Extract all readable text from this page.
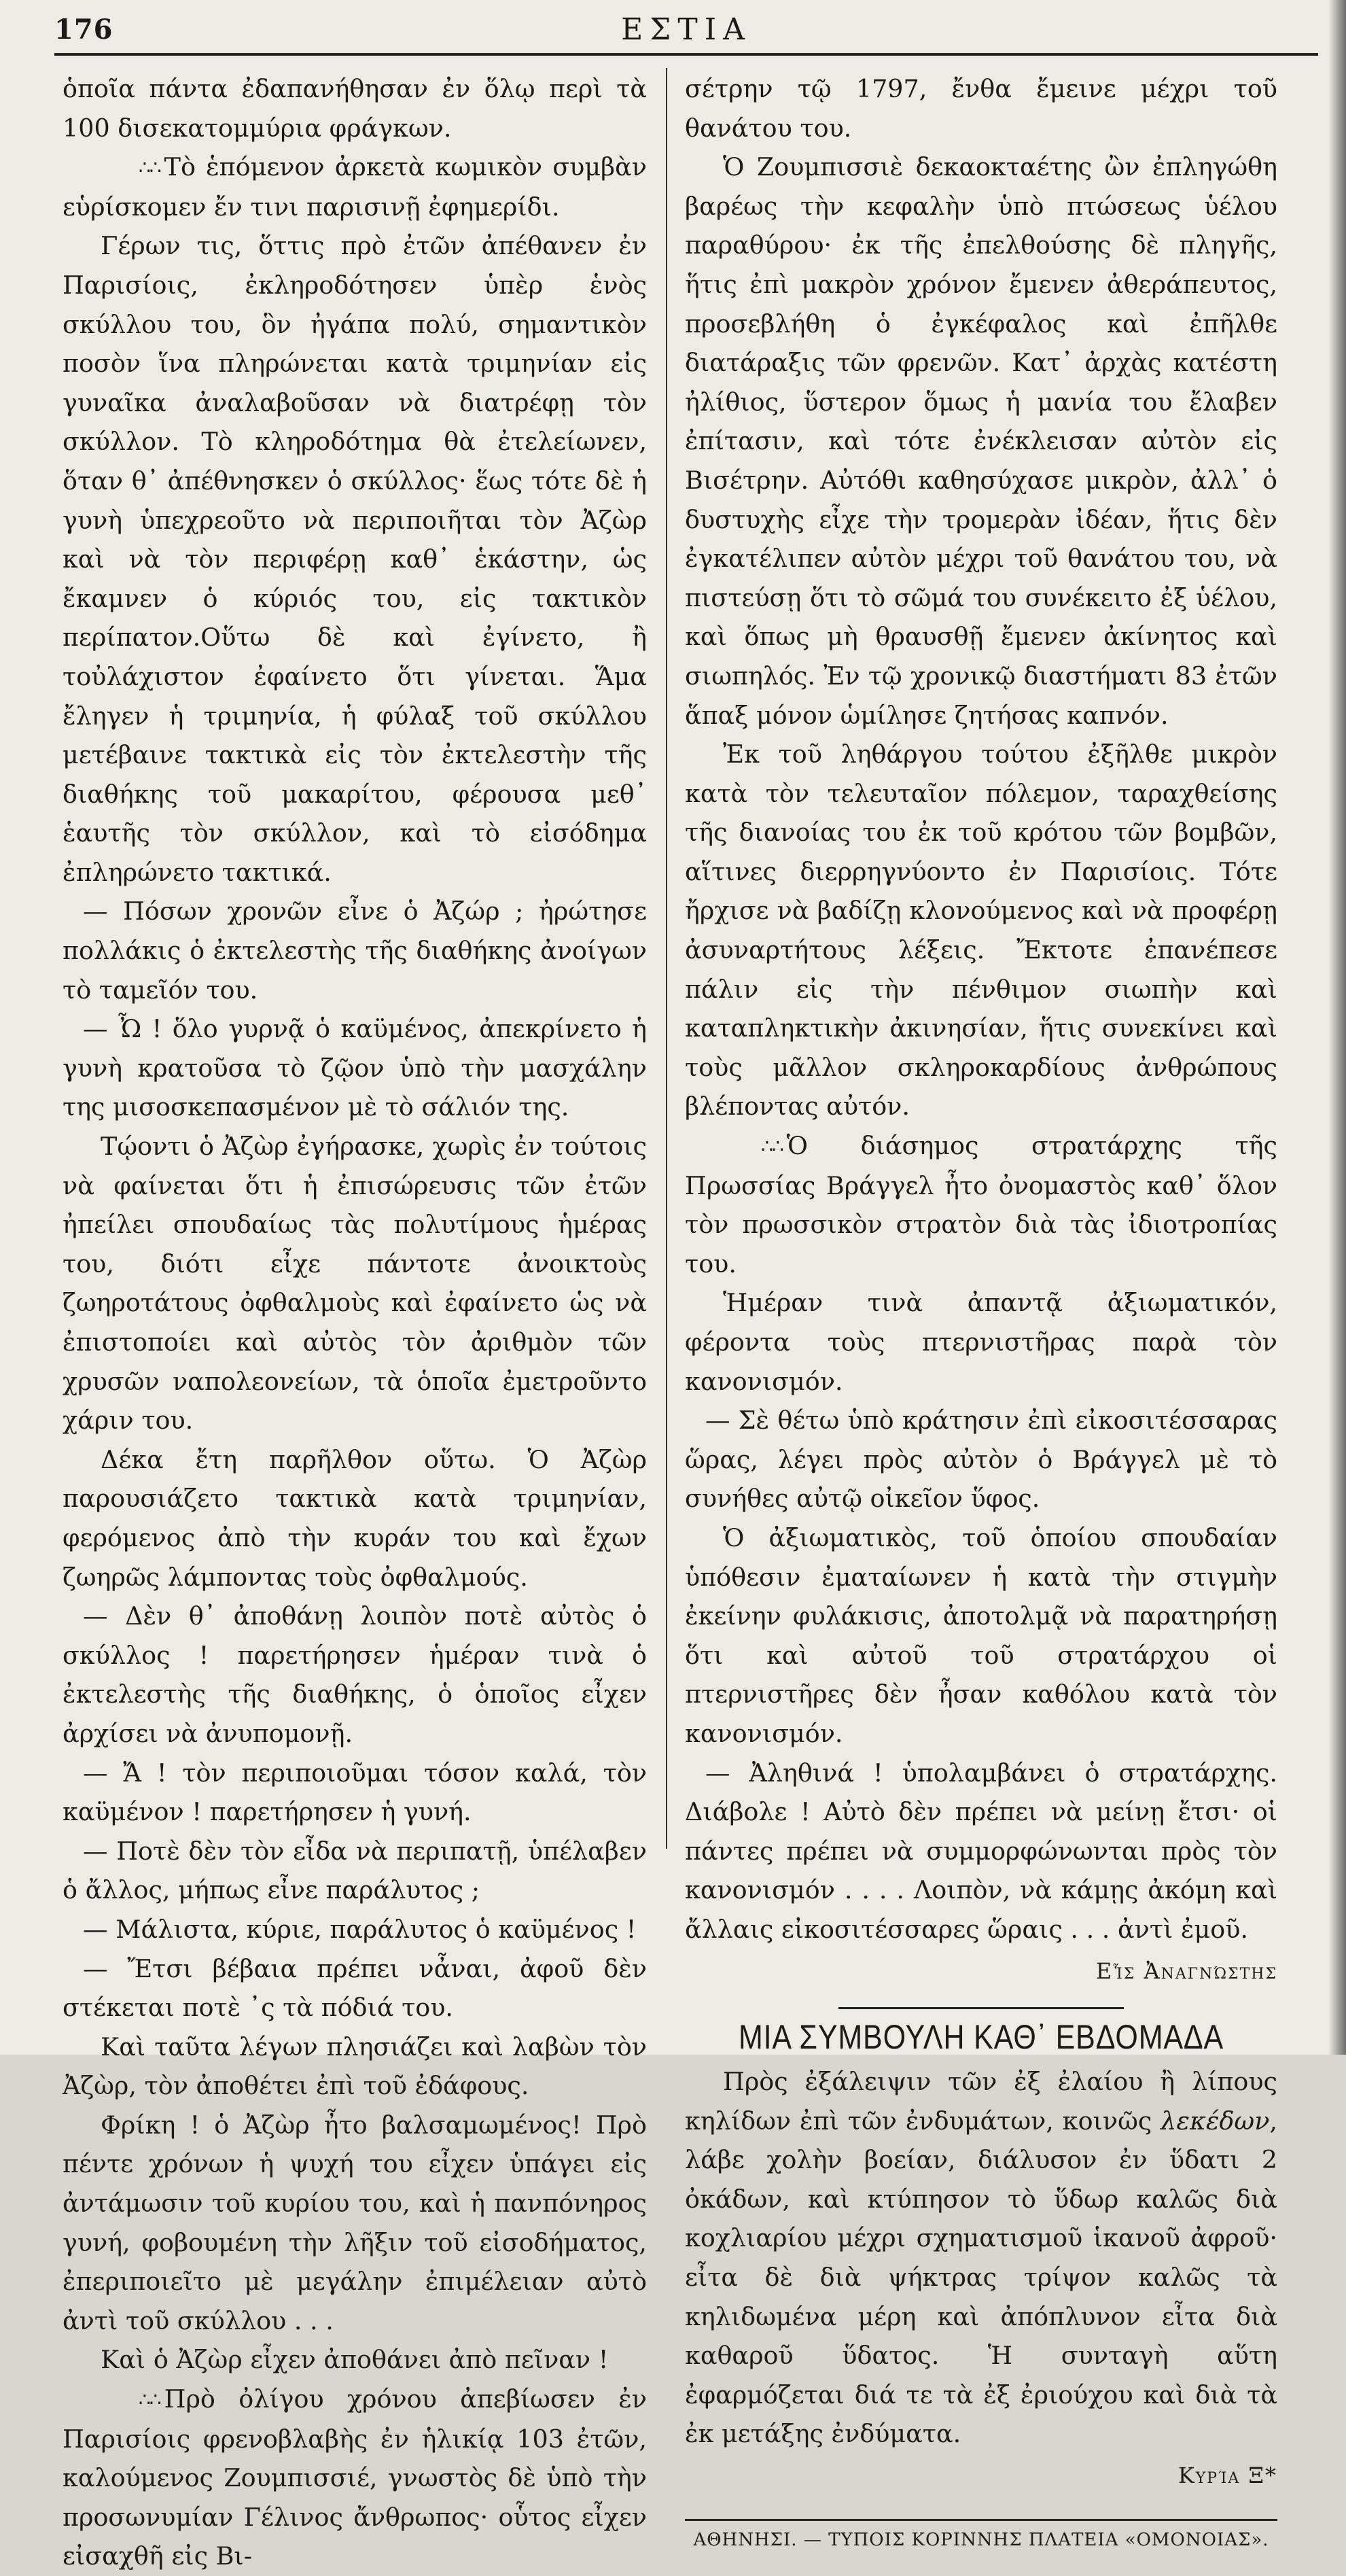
176	ΕΣΤΙΑ

ὁποῖα πάντα ἐδαπανήθησαν ἐν ὅλῳ περὶ τὰ 100 δισεκατομμύρια φράγκων.

∴∴ Τὸ ἑπόμενον ἀρκετὰ κωμικὸν συμβὰν εὑρίσκομεν ἔν τινι παρισινῇ ἐφημερίδι.

Γέρων τις, ὅττις πρὸ ἐτῶν ἀπέθανεν ἐν Παρισίοις, ἐκληροδότησεν ὑπὲρ ἑνὸς σκύλλου του, ὃν ἠγάπα πολύ, σημαντικὸν ποσὸν ἵνα πληρώνεται κατὰ τριμηνίαν εἰς γυναῖκα ἀναλαβοῦσαν νὰ διατρέφῃ τὸν σκύλλον. Τὸ κληροδότημα θὰ ἐτελείωνεν, ὅταν θ᾿ ἀπέθνησκεν ὁ σκύλλος· ἕως τότε δὲ ἡ γυνὴ ὑπεχρεοῦτο νὰ περιποιῆται τὸν Ἀζὼρ καὶ νὰ τὸν περιφέρῃ καθ᾿ ἑκάστην, ὡς ἔκαμνεν ὁ κύριός του, εἰς τακτικὸν περίπατον.Οὕτω δὲ καὶ ἐγίνετο, ἢ τοὐλάχιστον ἐφαίνετο ὅτι γίνεται. Ἅμα ἔληγεν ἡ τριμηνία, ἡ φύλαξ τοῦ σκύλλου μετέβαινε τακτικὰ εἰς τὸν ἐκτελεστὴν τῆς διαθήκης τοῦ μακαρίτου, φέρουσα μεθ᾿ ἑαυτῆς τὸν σκύλλον, καὶ τὸ εἰσόδημα ἐπληρώνετο τακτικά.

— Πόσων χρονῶν εἶνε ὁ Ἀζώρ ; ἠρώτησε πολλάκις ὁ ἐκτελεστὴς τῆς διαθήκης ἀνοίγων τὸ ταμεῖόν του.

— Ὦ ! ὅλο γυρνᾷ ὁ καϋμένος, ἀπεκρίνετο ἡ γυνὴ κρατοῦσα τὸ ζῷον ὑπὸ τὴν μασχάλην της μισοσκεπασμένον μὲ τὸ σάλιόν της.

Τῴοντι ὁ Ἀζὼρ ἐγήρασκε, χωρὶς ἐν τούτοις νὰ φαίνεται ὅτι ἡ ἐπισώρευσις τῶν ἐτῶν ἠπείλει σπουδαίως τὰς πολυτίμους ἡμέρας του, διότι εἶχε πάντοτε ἀνοικτοὺς ζωηροτάτους ὀφθαλμοὺς καὶ ἐφαίνετο ὡς νὰ ἐπιστοποίει καὶ αὐτὸς τὸν ἀριθμὸν τῶν χρυσῶν ναπολεονείων, τὰ ὁποῖα ἐμετροῦντο χάριν του.

Δέκα ἔτη παρῆλθον οὕτω. Ὁ Ἀζὼρ παρουσιάζετο τακτικὰ κατὰ τριμηνίαν, φερόμενος ἀπὸ τὴν κυράν του καὶ ἔχων ζωηρῶς λάμποντας τοὺς ὀφθαλμούς.

— Δὲν θ᾿ ἀποθάνῃ λοιπὸν ποτὲ αὐτὸς ὁ σκύλλος ! παρετήρησεν ἡμέραν τινὰ ὁ ἐκτελεστὴς τῆς διαθήκης, ὁ ὁποῖος εἶχεν ἀρχίσει νὰ ἀνυπομονῇ.

— Ἄ ! τὸν περιποιοῦμαι τόσον καλά, τὸν καϋμένον ! παρετήρησεν ἡ γυνή.

— Ποτὲ δὲν τὸν εἶδα νὰ περιπατῇ, ὑπέλαβεν ὁ ἄλλος, μήπως εἶνε παράλυτος ;

— Μάλιστα, κύριε, παράλυτος ὁ καϋμένος !

— Ἔτσι βέβαια πρέπει νἆναι, ἀφοῦ δὲν στέκεται ποτὲ ᾿ς τὰ πόδιά του.

Καὶ ταῦτα λέγων πλησιάζει καὶ λαβὼν τὸν Ἀζὼρ, τὸν ἀποθέτει ἐπὶ τοῦ ἐδάφους.

Φρίκη ! ὁ Ἀζὼρ ἦτο βαλσαμωμένος! Πρὸ πέντε χρόνων ἡ ψυχή του εἶχεν ὑπάγει εἰς ἀντάμωσιν τοῦ κυρίου του, καὶ ἡ πανπόνηρος γυνή, φοβουμένη τὴν λῆξιν τοῦ εἰσοδήματος, ἐπεριποιεῖτο μὲ μεγάλην ἐπιμέλειαν αὐτὸ ἀντὶ τοῦ σκύλλου . . .

Καὶ ὁ Ἀζὼρ εἶχεν ἀποθάνει ἀπὸ πεῖναν !

∴∴ Πρὸ ὀλίγου χρόνου ἀπεβίωσεν ἐν Παρισίοις φρενοβλαβὴς ἐν ἡλικίᾳ 103 ἐτῶν, καλούμενος Ζουμπισσιέ, γνωστὸς δὲ ὑπὸ τὴν προσωνυμίαν Γέλινος ἄνθρωπος· οὗτος εἶχεν εἰσαχθῆ εἰς Βι-

σέτρην τῷ 1797, ἔνθα ἔμεινε μέχρι τοῦ θανάτου του.

Ὁ Ζουμπισσιὲ δεκαοκταέτης ὢν ἐπληγώθη βαρέως τὴν κεφαλὴν ὑπὸ πτώσεως ὑέλου παραθύρου· ἐκ τῆς ἐπελθούσης δὲ πληγῆς, ἥτις ἐπὶ μακρὸν χρόνον ἔμενεν ἀθεράπευτος, προσεβλήθη ὁ ἐγκέφαλος καὶ ἐπῆλθε διατάραξις τῶν φρενῶν. Κατ᾿ ἀρχὰς κατέστη ἠλίθιος, ὕστερον ὅμως ἡ μανία του ἔλαβεν ἐπίτασιν, καὶ τότε ἐνέκλεισαν αὐτὸν εἰς Βισέτρην. Αὐτόθι καθησύχασε μικρὸν, ἀλλ᾿ ὁ δυστυχὴς εἶχε τὴν τρομερὰν ἰδέαν, ἥτις δὲν ἐγκατέλιπεν αὐτὸν μέχρι τοῦ θανάτου του, νὰ πιστεύσῃ ὅτι τὸ σῶμά του συνέκειτο ἐξ ὑέλου, καὶ ὅπως μὴ θραυσθῇ ἔμενεν ἀκίνητος καὶ σιωπηλός. Ἐν τῷ χρονικῷ διαστήματι 83 ἐτῶν ἅπαξ μόνον ὡμίλησε ζητήσας καπνόν.

Ἐκ τοῦ ληθάργου τούτου ἐξῆλθε μικρὸν κατὰ τὸν τελευταῖον πόλεμον, ταραχθείσης τῆς διανοίας του ἐκ τοῦ κρότου τῶν βομβῶν, αἵτινες διερρηγνύοντο ἐν Παρισίοις. Τότε ἤρχισε νὰ βαδίζῃ κλονούμενος καὶ νὰ προφέρῃ ἀσυναρτήτους λέξεις. Ἔκτοτε ἐπανέπεσε πάλιν εἰς τὴν πένθιμον σιωπὴν καὶ καταπληκτικὴν ἀκινησίαν, ἥτις συνεκίνει καὶ τοὺς μᾶλλον σκληροκαρδίους ἀνθρώπους βλέποντας αὐτόν.

∴∴ Ὁ διάσημος στρατάρχης τῆς Πρωσσίας Βράγγελ ἦτο ὀνομαστὸς καθ᾿ ὅλον τὸν πρωσσικὸν στρατὸν διὰ τὰς ἰδιοτροπίας του.

Ἡμέραν τινὰ ἀπαντᾷ ἀξιωματικόν, φέροντα τοὺς πτερνιστῆρας παρὰ τὸν κανονισμόν.

— Σὲ θέτω ὑπὸ κράτησιν ἐπὶ εἰκοσιτέσσαρας ὥρας, λέγει πρὸς αὐτὸν ὁ Βράγγελ μὲ τὸ συνήθες αὐτῷ οἰκεῖον ὕφος.

Ὁ ἀξιωματικὸς, τοῦ ὁποίου σπουδαίαν ὑπόθεσιν ἐματαίωνεν ἡ κατὰ τὴν στιγμὴν ἐκείνην φυλάκισις, ἀποτολμᾷ νὰ παρατηρήσῃ ὅτι καὶ αὐτοῦ τοῦ στρατάρχου οἱ πτερνιστῆρες δὲν ἦσαν καθόλου κατὰ τὸν κανονισμόν.

— Ἀληθινά ! ὑπολαμβάνει ὁ στρατάρχης. Διάβολε ! Αὐτὸ δὲν πρέπει νὰ μείνῃ ἔτσι· οἱ πάντες πρέπει νὰ συμμορφώνωνται πρὸς τὸν κανονισμόν . . . . Λοιπὸν, νὰ κάμῃς ἀκόμη καὶ ἄλλαις εἰκοσιτέσσαρες ὥραις . . . ἀντὶ ἐμοῦ.

Εἷς Ἀναγνώστης
ΜΙΑ ΣΥΜΒΟΥΛΗ ΚΑΘ᾿ ΕΒΔΟΜΑΔΑ

Πρὸς ἐξάλειψιν τῶν ἐξ ἐλαίου ἢ λίπους κηλίδων ἐπὶ τῶν ἐνδυμάτων, κοινῶς λεκέδων, λάβε χολὴν βοείαν, διάλυσον ἐν ὕδατι 2 ὀκάδων, καὶ κτύπησον τὸ ὕδωρ καλῶς διὰ κοχλιαρίου μέχρι σχηματισμοῦ ἱκανοῦ ἀφροῦ· εἶτα δὲ διὰ ψήκτρας τρίψον καλῶς τὰ κηλιδωμένα μέρη καὶ ἀπόπλυνον εἶτα διὰ καθαροῦ ὕδατος. Ἡ συνταγὴ αὕτη ἐφαρμόζεται διά τε τὰ ἐξ ἐριούχου καὶ διὰ τὰ ἐκ μετάξης ἐνδύματα.

Κυρία Ξ*
ΑΘΗΝΗΣΙ. — ΤΥΠΟΙΣ ΚΟΡΙΝΝΗΣ ΠΛΑΤΕΙΑ «ΟΜΟΝΟΙΑΣ».
